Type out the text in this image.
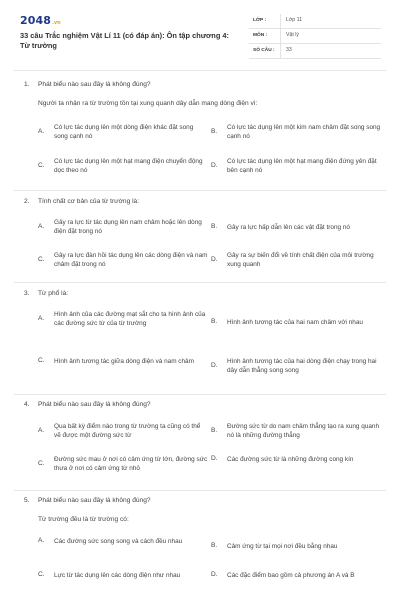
2048 .vn
33 câu Trắc nghiệm Vật Lí 11 (có đáp án): Ôn tập chương 4: Từ trường
LỚP :	Lớp 11
MÔN :	Vật lý
SỐ CÂU :	33
1.	Phát biểu nào sau đây là không đúng?
Người ta nhận ra từ trường tồn tại xung quanh dây dẫn mang dòng điện vì:
A.
Có lực tác dụng lên một dòng điện khác đặt song song cạnh nó
B.
Có lực tác dụng lên một kim nam châm đặt song song cạnh nó
C.
Có lực tác dụng lên một hạt mang điện chuyển động dọc theo nó
D.
Có lực tác dụng lên một hạt mang điện đứng yên đặt bên cạnh nó
2.	Tính chất cơ bản của từ trường là:
A.
Gây ra lực từ tác dụng lên nam châm hoặc lên dòng điện đặt trong nó
B.	Gây ra lực hấp dẫn lên các vật đặt trong nó
C.
Gây ra lực đàn hồi tác dụng lên các dòng điện và nam châm đặt trong nó
D.
Gây ra sự biến đổi về tính chất điện của môi trường xung quanh
3.	Từ phổ là:
A.
Hình ảnh của các đường mạt sắt cho ta hình ảnh của các đường sức từ của từ trường	B.	Hình ảnh tương tác của hai nam châm với nhau
C.	Hình ảnh tương tác giữa dòng điện và nam châm
D.
Hình ảnh tương tác của hai dòng điện chạy trong hai dây dẫn thẳng song song
4.	Phát biểu nào sau đây là không đúng?
A.
Qua bất kỳ điểm nào trong từ trường ta cũng có thể vẽ được một đường sức từ
B.
Đường sức từ do nam châm thẳng tạo ra xung quanh nó là những đường thẳng
C.
Đường sức mau ở nơi có cảm ứng từ lớn, đường sức thưa ở nơi có cảm ứng từ nhỏ
D.	Các đường sức từ là những đường cong kín
5.	Phát biểu nào sau đây là không đúng?
Từ trường đều là từ trường có:
A.	Các đường sức song song và cách đều nhau
B.	Cảm ứng từ tại mọi nơi đều bằng nhau
C.	Lực từ tác dụng lên các dòng điện như nhau	D.	Các đặc điểm bao gồm cả phương án A và B
